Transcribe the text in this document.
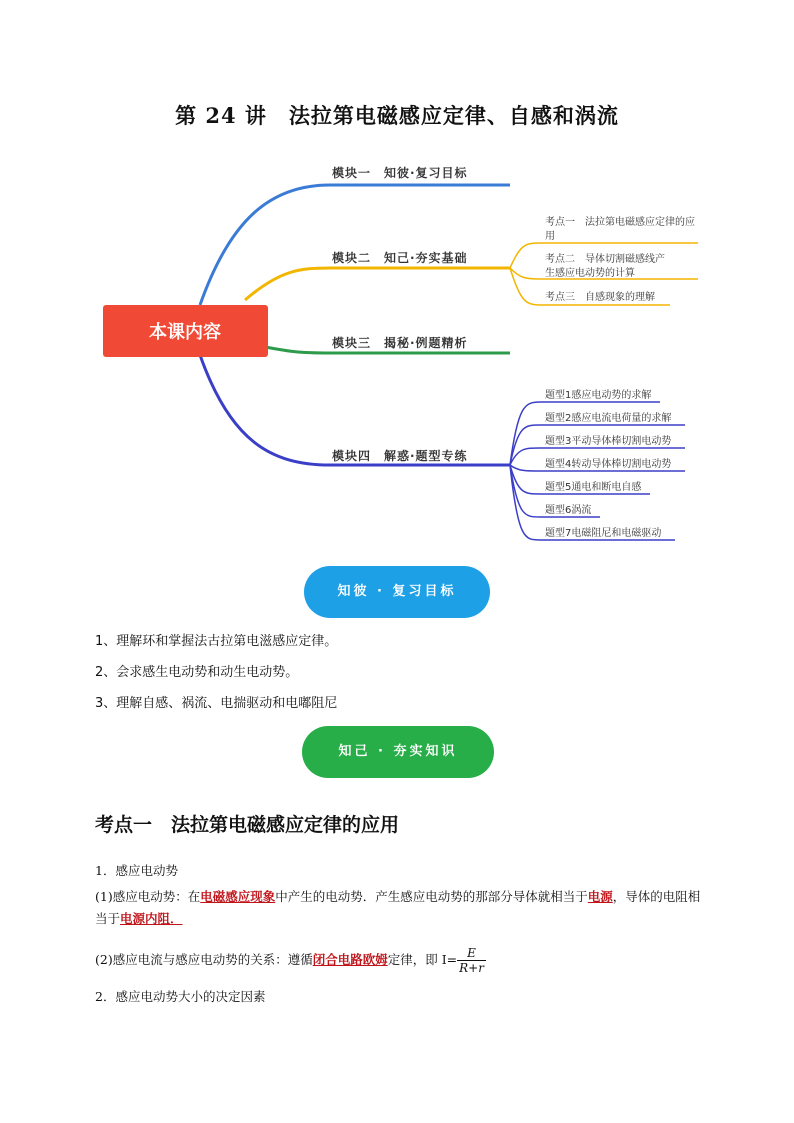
第 24 讲　法拉第电磁感应定律、自感和涡流
本课内容
模块一　知彼·复习目标
模块二　知己·夯实基础
模块三　揭秘·例题精析
模块四　解惑·题型专练
考点一　法拉第电磁感应定律的应
用
考点二　导体切割磁感线产
生感应电动势的计算
考点三　自感现象的理解
题型1感应电动势的求解
题型2感应电流电荷量的求解
题型3平动导体棒切割电动势
题型4转动导体棒切割电动势
题型5通电和断电自感
题型6涡流
题型7电磁阻尼和电磁驱动
知彼 · 复习目标
1、理解环和掌握法古拉第电滋感应定律。
2、会求感生电动势和动生电动势。
3、理解自感、祸流、电揣驱动和电嘟阻尼
知己 · 夯实知识
考点一　法拉第电磁感应定律的应用
1．感应电动势
(1)感应电动势：在电磁感应现象中产生的电动势．产生感应电动势的那部分导体就相当于电源，导体的电阻相当于电源内阻．
(2)感应电流与感应电动势的关系：遵循闭合电路欧姆定律，即 $I= \frac{E}{R+r}$
2．感应电动势大小的决定因素
